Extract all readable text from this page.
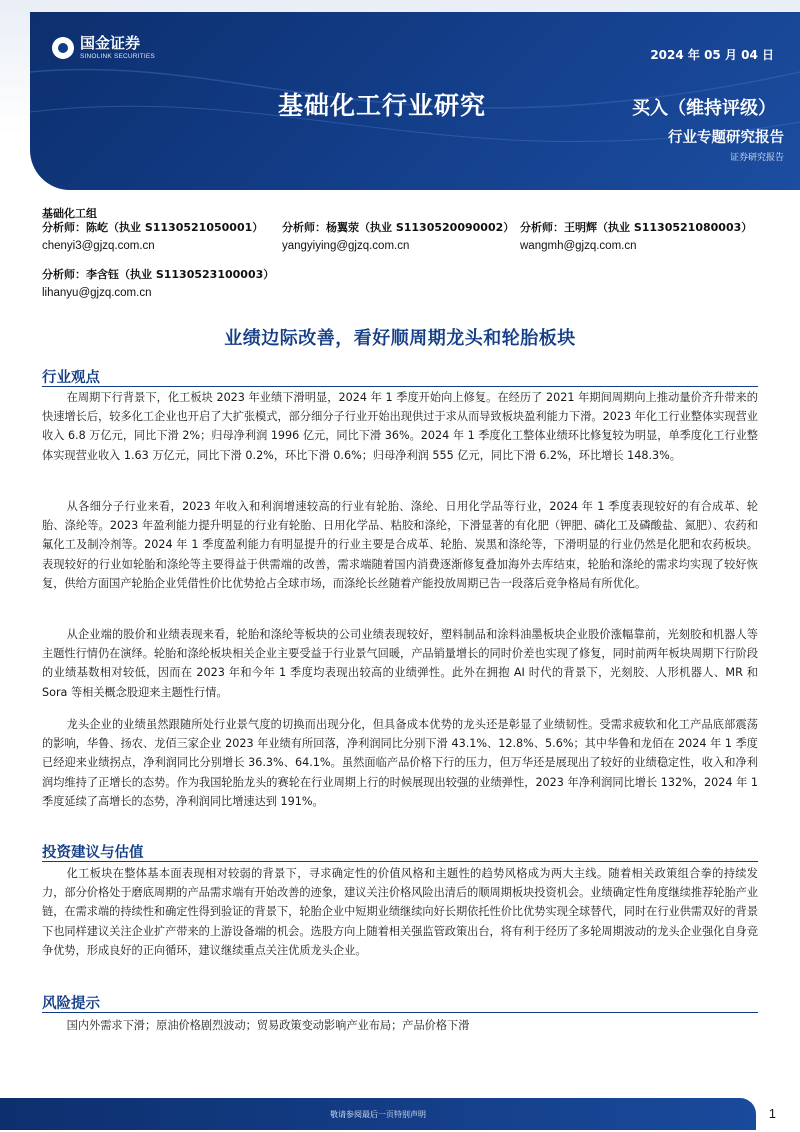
国金证券
SINOLINK SECURITIES	2024 年 05 月 04 日
基础化工行业研究	买入（维持评级）
行业专题研究报告
证券研究报告
基础化工组
分析师：陈屹（执业 S1130521050001）
chenyi3@gjzq.com.cn
分析师：杨翼荥（执业 S1130520090002）
yangyiying@gjzq.com.cn
分析师：王明辉（执业 S1130521080003）
wangmh@gjzq.com.cn
分析师：李含钰（执业 S1130523100003）
lihanyu@gjzq.com.cn
业绩边际改善，看好顺周期龙头和轮胎板块
行业观点
在周期下行背景下，化工板块 2023 年业绩下滑明显，2024 年 1 季度开始向上修复。在经历了 2021 年期间周期向上推动量价齐升带来的快速增长后，较多化工企业也开启了大扩张模式，部分细分子行业开始出现供过于求从而导致板块盈利能力下滑。2023 年化工行业整体实现营业收入 6.8 万亿元，同比下滑 2%；归母净利润 1996 亿元，同比下滑 36%。2024 年 1 季度化工整体业绩环比修复较为明显，单季度化工行业整体实现营业收入 1.63 万亿元，同比下滑 0.2%，环比下滑 0.6%；归母净利润 555 亿元，同比下滑 6.2%，环比增长 148.3%。
从各细分子行业来看，2023 年收入和利润增速较高的行业有轮胎、涤纶、日用化学品等行业，2024 年 1 季度表现较好的有合成革、轮胎、涤纶等。2023 年盈利能力提升明显的行业有轮胎、日用化学品、粘胶和涤纶，下滑显著的有化肥（钾肥、磷化工及磷酸盐、氮肥）、农药和氟化工及制冷剂等。2024 年 1 季度盈利能力有明显提升的行业主要是合成革、轮胎、炭黑和涤纶等，下滑明显的行业仍然是化肥和农药板块。表现较好的行业如轮胎和涤纶等主要得益于供需端的改善，需求端随着国内消费逐渐修复叠加海外去库结束，轮胎和涤纶的需求均实现了较好恢复，供给方面国产轮胎企业凭借性价比优势抢占全球市场，而涤纶长丝随着产能投放周期已告一段落后竞争格局有所优化。
从企业端的股价和业绩表现来看，轮胎和涤纶等板块的公司业绩表现较好，塑料制品和涂料油墨板块企业股价涨幅靠前，光刻胶和机器人等主题性行情仍在演绎。轮胎和涤纶板块相关企业主要受益于行业景气回暖，产品销量增长的同时价差也实现了修复，同时前两年板块周期下行阶段的业绩基数相对较低，因而在 2023 年和今年 1 季度均表现出较高的业绩弹性。此外在拥抱 AI 时代的背景下，光刻胶、人形机器人、MR 和 Sora 等相关概念股迎来主题性行情。
龙头企业的业绩虽然跟随所处行业景气度的切换而出现分化，但具备成本优势的龙头还是彰显了业绩韧性。受需求疲软和化工产品底部震荡的影响，华鲁、扬农、龙佰三家企业 2023 年业绩有所回落，净利润同比分别下滑 43.1%、12.8%、5.6%；其中华鲁和龙佰在 2024 年 1 季度已经迎来业绩拐点，净利润同比分别增长 36.3%、64.1%。虽然面临产品价格下行的压力，但万华还是展现出了较好的业绩稳定性，收入和净利润均维持了正增长的态势。作为我国轮胎龙头的赛轮在行业周期上行的时候展现出较强的业绩弹性，2023 年净利润同比增长 132%，2024 年 1 季度延续了高增长的态势，净利润同比增速达到 191%。
投资建议与估值
化工板块在整体基本面表现相对较弱的背景下，寻求确定性的价值风格和主题性的趋势风格成为两大主线。随着相关政策组合拳的持续发力，部分价格处于磨底周期的产品需求端有开始改善的迹象，建议关注价格风险出清后的顺周期板块投资机会。业绩确定性角度继续推荐轮胎产业链，在需求端的持续性和确定性得到验证的背景下，轮胎企业中短期业绩继续向好长期依托性价比优势实现全球替代，同时在行业供需双好的背景下也同样建议关注企业扩产带来的上游设备端的机会。选股方向上随着相关强监管政策出台，将有利于经历了多轮周期波动的龙头企业强化自身竞争优势，形成良好的正向循环，建议继续重点关注优质龙头企业。
风险提示
国内外需求下滑；原油价格剧烈波动；贸易政策变动影响产业布局；产品价格下滑
敬请参阅最后一页特别声明	1
